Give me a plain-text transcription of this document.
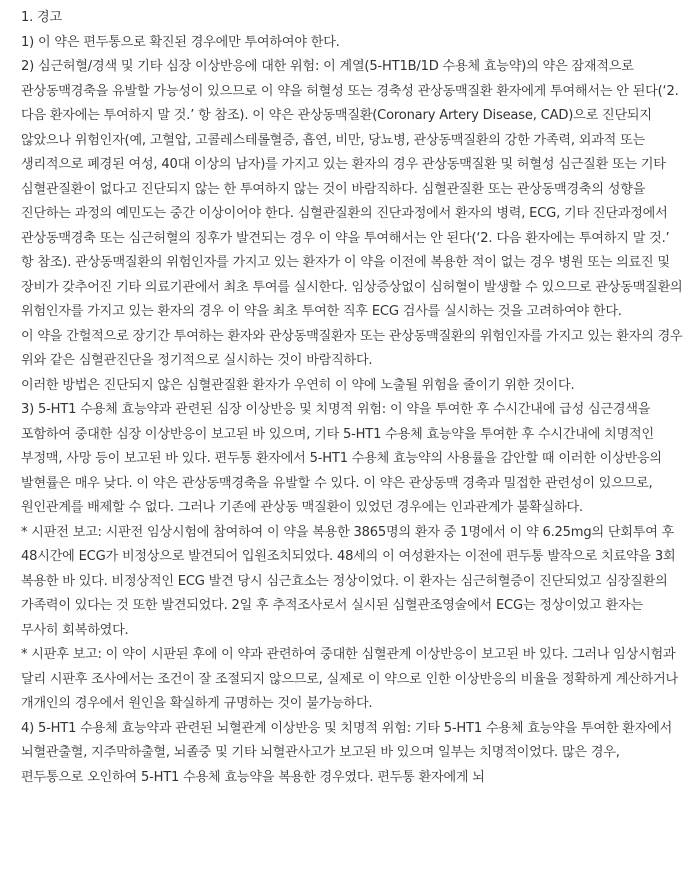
1. 경고

1) 이 약은 편두통으로 확진된 경우에만 투여하여야 한다.

2) 심근허혈/경색 및 기타 심장 이상반응에 대한 위험: 이 계열(5-HT1B/1D 수용체 효능약)의 약은 잠재적으로 관상동맥경축을 유발할 가능성이 있으므로 이 약을 허혈성 또는 경축성 관상동맥질환 환자에게 투여해서는 안 된다(‘2. 다음 환자에는 투여하지 말 것.’ 항 참조). 이 약은 관상동맥질환(Coronary Artery Disease, CAD)으로 진단되지 않았으나 위험인자(예, 고혈압, 고콜레스테롤혈증, 흡연, 비만, 당뇨병, 관상동맥질환의 강한 가족력, 외과적 또는 생리적으로 폐경된 여성, 40대 이상의 남자)를 가지고 있는 환자의 경우 관상동맥질환 및 허혈성 심근질환 또는 기타 심혈관질환이 없다고 진단되지 않는 한 투여하지 않는 것이 바람직하다. 심혈관질환 또는 관상동맥경축의 성향을 진단하는 과정의 예민도는 중간 이상이어야 한다. 심혈관질환의 진단과정에서 환자의 병력, ECG, 기타 진단과정에서 관상동맥경축 또는 심근허혈의 징후가 발견되는 경우 이 약을 투여해서는 안 된다(‘2. 다음 환자에는 투여하지 말 것.’ 항 참조). 관상동맥질환의 위험인자를 가지고 있는 환자가 이 약을 이전에 복용한 적이 없는 경우 병원 또는 의료진 및 장비가 갖추어진 기타 의료기관에서 최초 투여를 실시한다. 임상증상없이 심허혈이 발생할 수 있으므로 관상동맥질환의 위험인자를 가지고 있는 환자의 경우 이 약을 최초 투여한 직후 ECG 검사를 실시하는 것을 고려하여야 한다.

이 약을 간헐적으로 장기간 투여하는 환자와 관상동맥질환자 또는 관상동맥질환의 위험인자를 가지고 있는 환자의 경우 위와 같은 심혈관진단을 정기적으로 실시하는 것이 바람직하다.

이러한 방법은 진단되지 않은 심혈관질환 환자가 우연히 이 약에 노출될 위험을 줄이기 위한 것이다.

3) 5-HT1 수용체 효능약과 관련된 심장 이상반응 및 치명적 위험: 이 약을 투여한 후 수시간내에 급성 심근경색을 포함하여 중대한 심장 이상반응이 보고된 바 있으며, 기타 5-HT1 수용체 효능약을 투여한 후 수시간내에 치명적인 부정맥, 사망 등이 보고된 바 있다. 편두통 환자에서 5-HT1 수용체 효능약의 사용률을 감안할 때 이러한 이상반응의 발현률은 매우 낮다. 이 약은 관상동맥경축을 유발할 수 있다. 이 약은 관상동맥 경축과 밀접한 관련성이 있으므로, 원인관계를 배제할 수 없다. 그러나 기존에 관상동 맥질환이 있었던 경우에는 인과관계가 불확실하다.

* 시판전 보고: 시판전 임상시험에 참여하여 이 약을 복용한 3865명의 환자 중 1명에서 이 약 6.25mg의 단회투여 후 48시간에 ECG가 비정상으로 발견되어 입원조치되었다. 48세의 이 여성환자는 이전에 편두통 발작으로 치료약을 3회 복용한 바 있다. 비정상적인 ECG 발견 당시 심근효소는 정상이었다. 이 환자는 심근허혈증이 진단되었고 심장질환의 가족력이 있다는 것 또한 발견되었다. 2일 후 추적조사로서 실시된 심혈관조영술에서 ECG는 정상이었고 환자는 무사히 회복하였다.

* 시판후 보고: 이 약이 시판된 후에 이 약과 관련하여 중대한 심혈관계 이상반응이 보고된 바 있다. 그러나 임상시험과 달리 시판후 조사에서는 조건이 잘 조절되지 않으므로, 실제로 이 약으로 인한 이상반응의 비율을 정확하게 계산하거나 개개인의 경우에서 원인을 확실하게 규명하는 것이 불가능하다.

4) 5-HT1 수용체 효능약과 관련된 뇌혈관계 이상반응 및 치명적 위험: 기타 5-HT1 수용체 효능약을 투여한 환자에서 뇌혈관출혈, 지주막하출혈, 뇌졸중 및 기타 뇌혈관사고가 보고된 바 있으며 일부는 치명적이었다. 많은 경우, 편두통으로 오인하여 5-HT1 수용체 효능약을 복용한 경우였다. 편두통 환자에게 뇌
